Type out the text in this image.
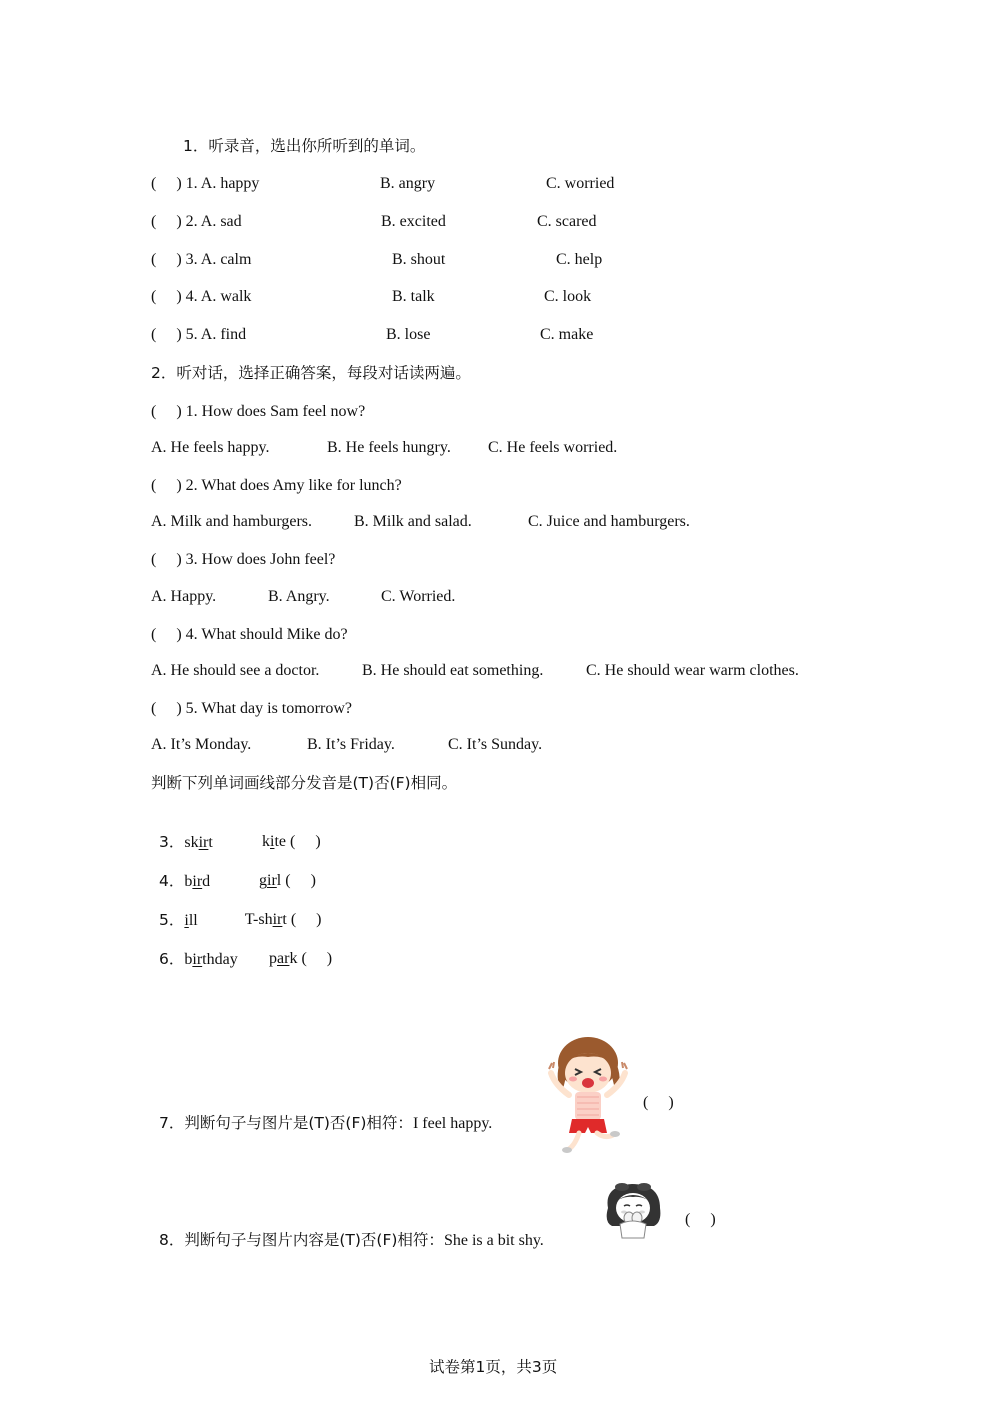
1．听录音，选出你所听到的单词。
(　 ) 1. A. happy	B. angry	C. worried
(　 ) 2. A. sad	B. excited	C. scared
(　 ) 3. A. calm	B. shout	C. help
(　 ) 4. A. walk	B. talk	C. look
(　 ) 5. A. find	B. lose	C. make
2．听对话，选择正确答案，每段对话读两遍。
(　 ) 1. How does Sam feel now?
A. He feels happy.	B. He feels hungry. C. He feels worried.
(　 ) 2. What does Amy like for lunch?
A. Milk and hamburgers.	B. Milk and salad.	C. Juice and hamburgers.
(　 ) 3. How does John feel?
A. Happy.	B. Angry.	C. Worried.
(　 ) 4. What should Mike do?
A. He should see a doctor.	B. He should eat something.	C. He should wear warm clothes.
(　 ) 5. What day is tomorrow?
A. It’s Monday.	B. It’s Friday.	C. It’s Sunday.
判断下列单词画线部分发音是(T)否(F)相同。

3．skirt	kite (　 )

4．bird	girl (　 )

5．ill	T-shirt (　 )

6．birthday	park (　 )

7．判断句子与图片是(T)否(F)相符：I feel happy.

(　 )

8．判断句子与图片内容是(T)否(F)相符：She is a bit shy.

(　 )
试卷第1页，共3页
